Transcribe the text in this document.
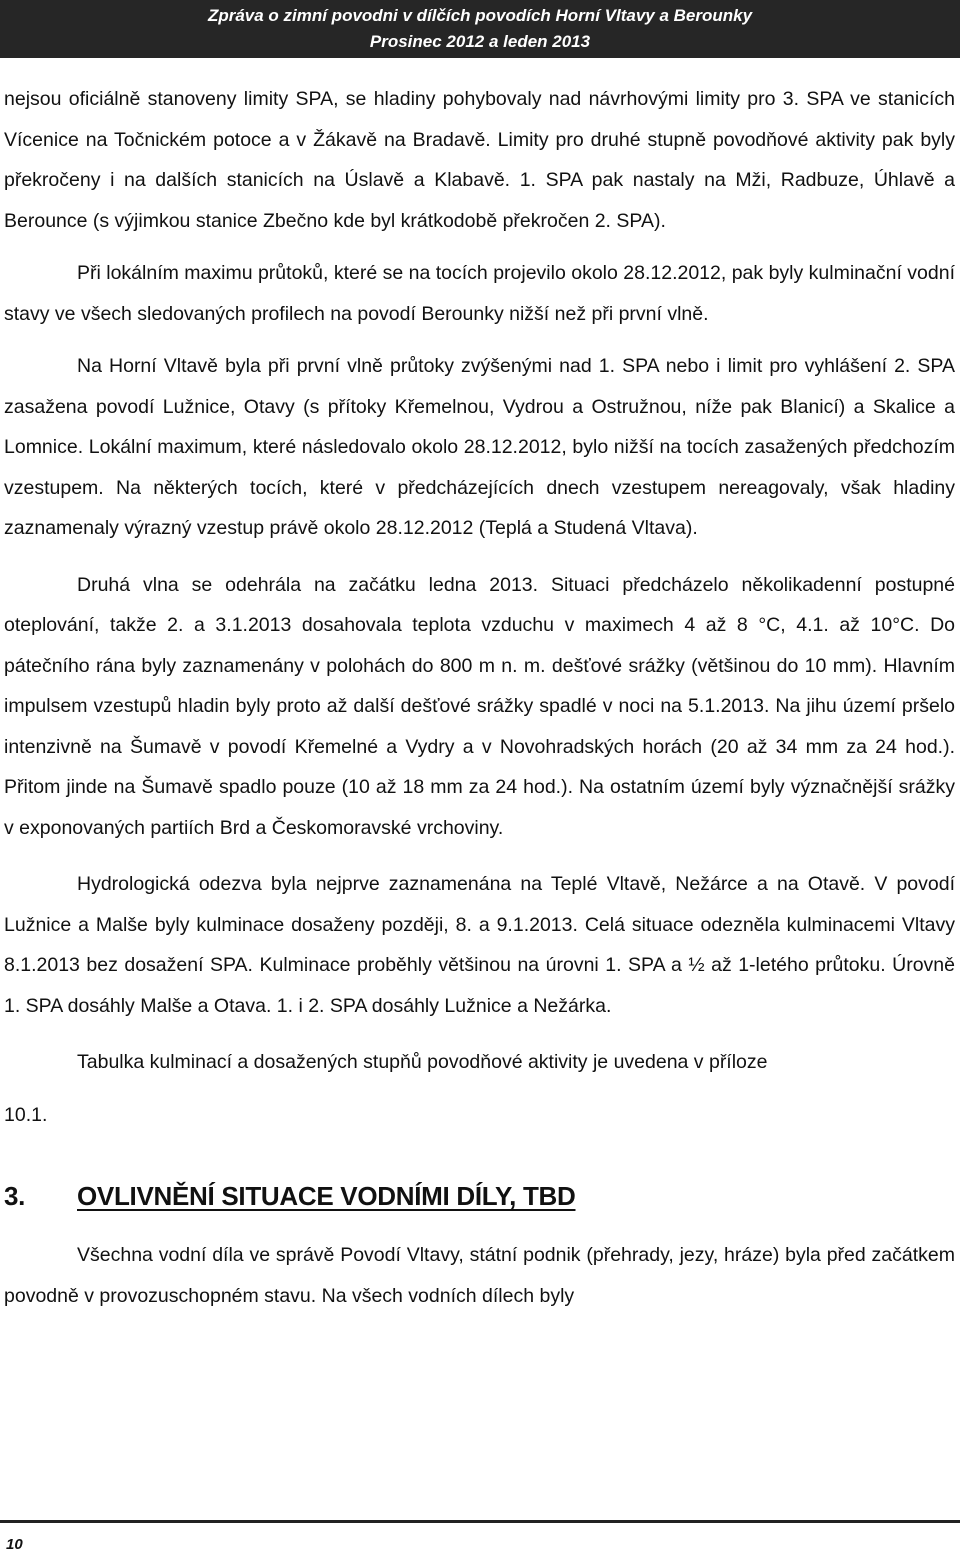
Zpráva o zimní povodni v dílčích povodích Horní Vltavy a Berounky
Prosinec 2012 a leden 2013

nejsou oficiálně stanoveny limity SPA, se hladiny pohybovaly nad návrhovými limity pro 3. SPA ve stanicích Vícenice na Točnickém potoce a v Žákavě na Bradavě. Limity pro druhé stupně povodňové aktivity pak byly překročeny i na dalších stanicích na Úslavě a Klabavě. 1. SPA pak nastaly na Mži, Radbuze, Úhlavě a Berounce (s výjimkou stanice Zbečno kde byl krátkodobě překročen 2. SPA).

Při lokálním maximu průtoků, které se na tocích projevilo okolo 28.12.2012, pak byly kulminační vodní stavy ve všech sledovaných profilech na povodí Berounky nižší než při první vlně.

Na Horní Vltavě byla při první vlně průtoky zvýšenými nad 1. SPA nebo i limit pro vyhlášení 2. SPA zasažena povodí Lužnice, Otavy (s přítoky Křemelnou, Vydrou a Ostružnou, níže pak Blanicí) a Skalice a Lomnice. Lokální maximum, které následovalo okolo 28.12.2012, bylo nižší na tocích zasažených předchozím vzestupem. Na některých tocích, které v předcházejících dnech vzestupem nereagovaly, však hladiny zaznamenaly výrazný vzestup právě okolo 28.12.2012 (Teplá a Studená Vltava).

Druhá vlna se odehrála na začátku ledna 2013. Situaci předcházelo několikadenní postupné oteplování, takže 2. a 3.1.2013 dosahovala teplota vzduchu v maximech 4 až 8 °C, 4.1. až 10°C. Do pátečního rána byly zaznamenány v polohách do 800 m n. m. dešťové srážky (většinou do 10 mm). Hlavním impulsem vzestupů hladin byly proto až další dešťové srážky spadlé v noci na 5.1.2013. Na jihu území pršelo intenzivně na Šumavě v povodí Křemelné a Vydry a v Novohradských horách (20 až 34 mm za 24 hod.). Přitom jinde na Šumavě spadlo pouze (10 až 18 mm za 24 hod.). Na ostatním území byly význačnější srážky v exponovaných partiích Brd a Českomoravské vrchoviny.

Hydrologická odezva byla nejprve zaznamenána na Teplé Vltavě, Nežárce a na Otavě. V povodí Lužnice a Malše byly kulminace dosaženy později, 8. a 9.1.2013. Celá situace odezněla kulminacemi Vltavy 8.1.2013 bez dosažení SPA. Kulminace proběhly většinou na úrovni 1. SPA a ½ až 1-letého průtoku. Úrovně 1. SPA dosáhly Malše a Otava. 1. i 2. SPA dosáhly Lužnice a Nežárka.

Tabulka kulminací a dosažených stupňů povodňové aktivity je uvedena v příloze

10.1.

3.	OVLIVNĚNÍ SITUACE VODNÍMI DÍLY, TBD

Všechna vodní díla ve správě Povodí Vltavy, státní podnik (přehrady, jezy, hráze) byla před začátkem povodně v provozuschopném stavu. Na všech vodních dílech byly

10
